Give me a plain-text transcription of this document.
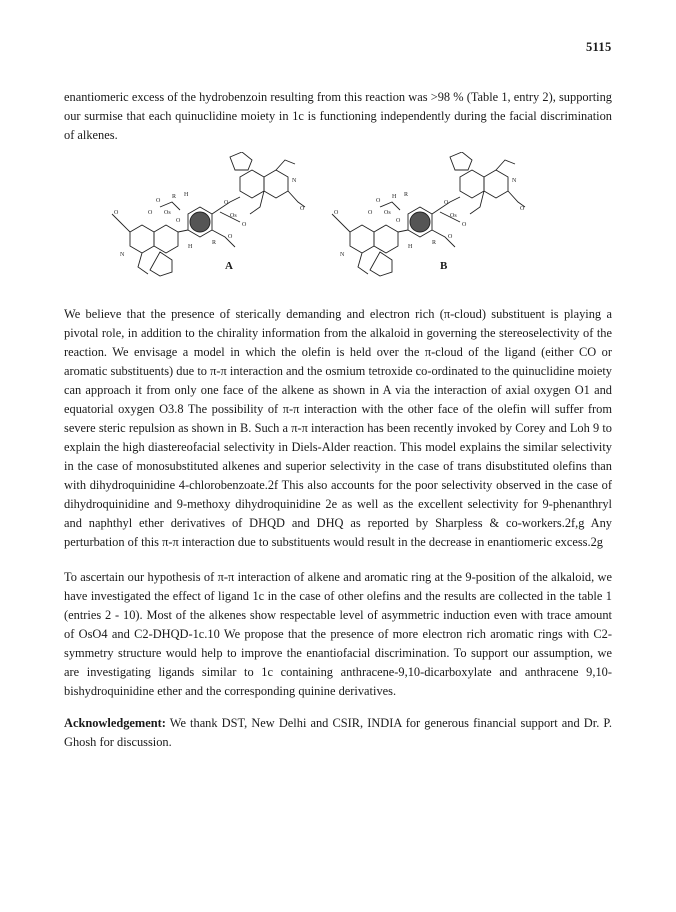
5115

enantiomeric excess of the hydrobenzoin resulting from this reaction was >98 % (Table 1, entry 2), supporting our surmise that each quinuclidine moiety in 1c is functioning independently during the facial discrimination of alkenes.

O
R H
O Os
O
O
N
H
R
O
Os
O
O
N
O
O
H R
O Os
O
O
N
H
R
O
Os
O
O
N
O
A	B

We believe that the presence of sterically demanding and electron rich (π-cloud) substituent is playing a pivotal role, in addition to the chirality information from the alkaloid in governing the stereoselectivity of the reaction. We envisage a model in which the olefin is held over the π-cloud of the ligand (either CO or aromatic substituents) due to π-π interaction and the osmium tetroxide co-ordinated to the quinuclidine moiety can approach it from only one face of the alkene as shown in A via the interaction of axial oxygen O1 and equatorial oxygen O3.8 The possibility of π-π interaction with the other face of the olefin will suffer from severe steric repulsion as shown in B. Such a π-π interaction has been recently invoked by Corey and Loh 9 to explain the high diastereofacial selectivity in Diels-Alder reaction. This model explains the similar selectivity in the case of monosubstituted alkenes and superior selectivity in the case of trans disubstituted olefins than with dihydroquinidine 4-chlorobenzoate.2f This also accounts for the poor selectivity observed in the case of dihydroquinidine and 9-methoxy dihydroquinidine 2e as well as the excellent selectivity for 9-phenanthryl and naphthyl ether derivatives of DHQD and DHQ as reported by Sharpless & co-workers.2f,g Any perturbation of this π-π interaction due to substituents would result in the decrease in enantiomeric excess.2g

To ascertain our hypothesis of π-π interaction of alkene and aromatic ring at the 9-position of the alkaloid, we have investigated the effect of ligand 1c in the case of other olefins and the results are collected in the table 1 (entries 2 - 10). Most of the alkenes show respectable level of asymmetric induction even with trace amount of OsO4 and C2-DHQD-1c.10 We propose that the presence of more electron rich aromatic rings with C2-symmetry structure would help to improve the enantiofacial discrimination. To support our assumption, we are investigating ligands similar to 1c containing anthracene-9,10-dicarboxylate and anthracene 9,10-bishydroquinidine ether and the corresponding quinine derivatives.

Acknowledgement: We thank DST, New Delhi and CSIR, INDIA for generous financial support and Dr. P. Ghosh for discussion.
